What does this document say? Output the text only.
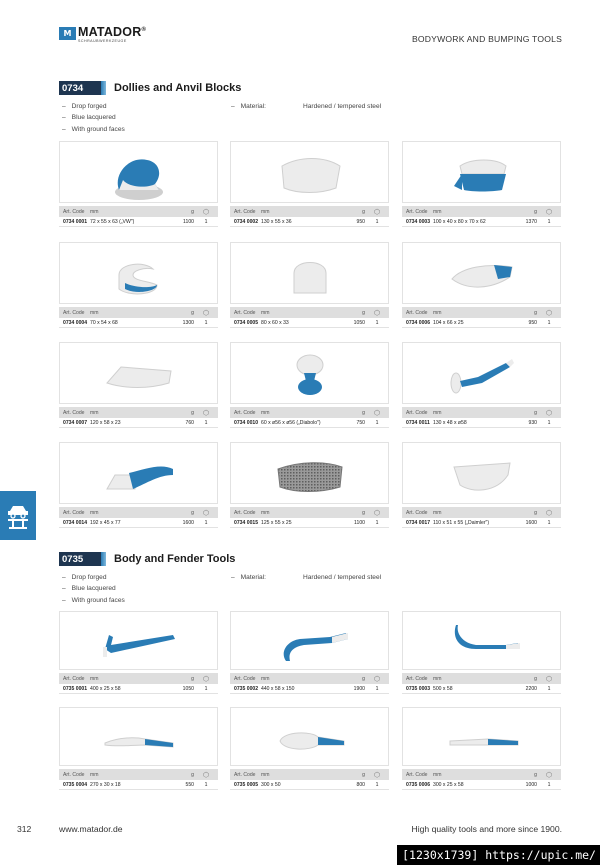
M MATADOR®
SCHRAUBWERKZEUGE	BODYWORK AND BUMPING TOOLS
0734	Dollies and Anvil Blocks
– Drop forged
– Blue lacquered
– With ground faces
– Material:	Hardened / tempered steel
0735	Body and Fender Tools
– Drop forged
– Blue lacquered
– With ground faces
– Material:	Hardened / tempered steel
Art. Code	mm	g	⬡
0734 0001 72 x 55 x 63 („VW")	1100	1
Art. Code	mm	g	⬡
0734 0002 130 x 55 x 36	950	1
Art. Code	mm	g	⬡
0734 0003 100 x 40 x 80 x 70 x 62	1370	1
Art. Code	mm	g	⬡
0734 0004 70 x 54 x 68	1300	1
Art. Code	mm	g	⬡
0734 0005 80 x 60 x 33	1050	1
Art. Code	mm	g	⬡
0734 0006 104 x 66 x 25	950	1
Art. Code	mm	g	⬡
0734 0007 120 x 58 x 23	760	1
Art. Code	mm	g	⬡
0734 0010 60 x ø56 x ø56 („Diabolo")	750	1
Art. Code	mm	g	⬡
0734 0011 130 x 48 x ø58	930	1
Art. Code	mm	g	⬡
0734 0014 192 x 45 x 77	1600	1
Art. Code	mm	g	⬡
0734 0015 125 x 55 x 25	1100	1
Art. Code	mm	g	⬡
0734 0017 110 x 51 x 55 („Daimler")	1600	1
Art. Code	mm	g	⬡
0735 0001 400 x 25 x 58	1050	1
Art. Code	mm	g	⬡
0735 0002 440 x 58 x 150	1900	1
Art. Code	mm	g	⬡
0735 0003 500 x 58	2200	1
Art. Code	mm	g	⬡
0735 0004 270 x 30 x 18	550	1
Art. Code	mm	g	⬡
0735 0005 300 x 50	800	1
Art. Code	mm	g	⬡
0735 0006 300 x 25 x 58	1000	1
312	www.matador.de	High quality tools and more since 1900.
[1230x1739] https://upic.me/
